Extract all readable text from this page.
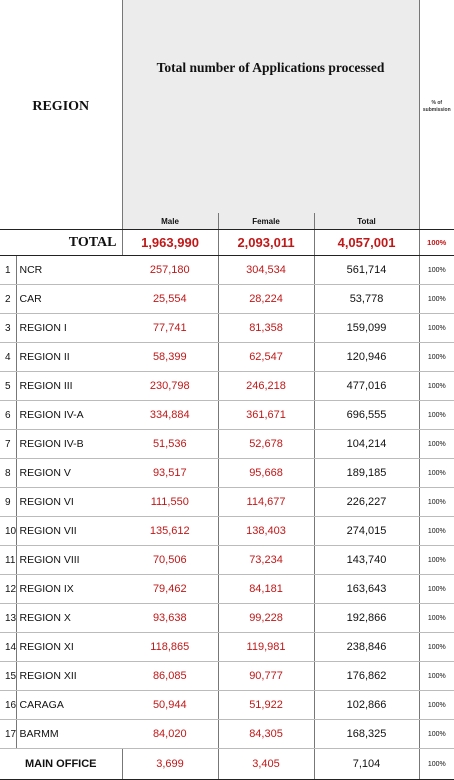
REGION		Total number of Applications processed			% of submission
		Male	Female	Total	
TOTAL		1,963,990	2,093,011	4,057,001	100%
1	NCR	257,180	304,534	561,714	100%
2	CAR	25,554	28,224	53,778	100%
3	REGION I	77,741	81,358	159,099	100%
4	REGION II	58,399	62,547	120,946	100%
5	REGION III	230,798	246,218	477,016	100%
6	REGION IV-A	334,884	361,671	696,555	100%
7	REGION IV-B	51,536	52,678	104,214	100%
8	REGION V	93,517	95,668	189,185	100%
9	REGION VI	111,550	114,677	226,227	100%
10	REGION VII	135,612	138,403	274,015	100%
11	REGION VIII	70,506	73,234	143,740	100%
12	REGION IX	79,462	84,181	163,643	100%
13	REGION X	93,638	99,228	192,866	100%
14	REGION XI	118,865	119,981	238,846	100%
15	REGION XII	86,085	90,777	176,862	100%
16	CARAGA	50,944	51,922	102,866	100%
17	BARMM	84,020	84,305	168,325	100%
MAIN OFFICE		3,699	3,405	7,104	100%
